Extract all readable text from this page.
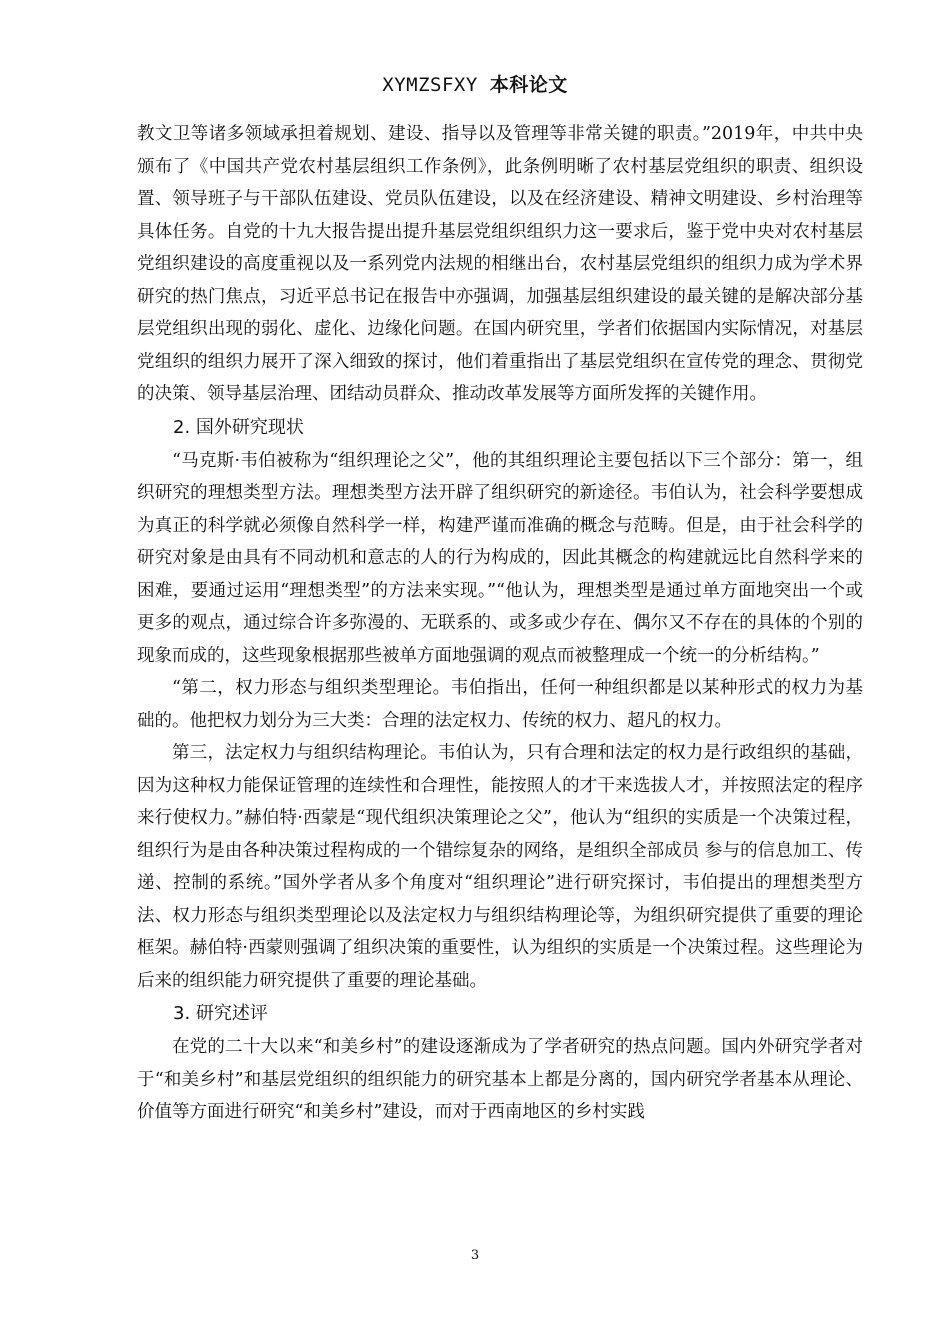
XYMZSFXY 本科论文

教文卫等诸多领域承担着规划、建设、指导以及管理等非常关键的职责。”2019年，中共中央颁布了《中国共产党农村基层组织工作条例》，此条例明晰了农村基层党组织的职责、组织设置、领导班子与干部队伍建设、党员队伍建设，以及在经济建设、精神文明建设、乡村治理等具体任务。自党的十九大报告提出提升基层党组织组织力这一要求后，鉴于党中央对农村基层党组织建设的高度重视以及一系列党内法规的相继出台，农村基层党组织的组织力成为学术界研究的热门焦点，习近平总书记在报告中亦强调，加强基层组织建设的最关键的是解决部分基层党组织出现的弱化、虚化、边缘化问题。在国内研究里，学者们依据国内实际情况，对基层党组织的组织力展开了深入细致的探讨，他们着重指出了基层党组织在宣传党的理念、贯彻党的决策、领导基层治理、团结动员群众、推动改革发展等方面所发挥的关键作用。

2. 国外研究现状

“马克斯·韦伯被称为“组织理论之父”，他的其组织理论主要包括以下三个部分：第一，组织研究的理想类型方法。理想类型方法开辟了组织研究的新途径。韦伯认为，社会科学要想成为真正的科学就必须像自然科学一样，构建严谨而准确的概念与范畴。但是，由于社会科学的研究对象是由具有不同动机和意志的人的行为构成的，因此其概念的构建就远比自然科学来的困难，要通过运用“理想类型”的方法来实现。”“他认为，理想类型是通过单方面地突出一个或更多的观点，通过综合许多弥漫的、无联系的、或多或少存在、偶尔又不存在的具体的个别的现象而成的，这些现象根据那些被单方面地强调的观点而被整理成一个统一的分析结构。”

“第二，权力形态与组织类型理论。韦伯指出，任何一种组织都是以某种形式的权力为基础的。他把权力划分为三大类：合理的法定权力、传统的权力、超凡的权力。

第三，法定权力与组织结构理论。韦伯认为，只有合理和法定的权力是行政组织的基础，因为这种权力能保证管理的连续性和合理性，能按照人的才干来选拔人才，并按照法定的程序来行使权力。”赫伯特·西蒙是“现代组织决策理论之父”，他认为“组织的实质是一个决策过程，组织行为是由各种决策过程构成的一个错综复杂的网络，是组织全部成员 参与的信息加工、传递、控制的系统。”国外学者从多个角度对“组织理论”进行研究探讨，韦伯提出的理想类型方法、权力形态与组织类型理论以及法定权力与组织结构理论等，为组织研究提供了重要的理论框架。赫伯特·西蒙则强调了组织决策的重要性，认为组织的实质是一个决策过程。这些理论为后来的组织能力研究提供了重要的理论基础。

3. 研究述评

在党的二十大以来“和美乡村”的建设逐渐成为了学者研究的热点问题。国内外研究学者对于“和美乡村”和基层党组织的组织能力的研究基本上都是分离的，国内研究学者基本从理论、价值等方面进行研究“和美乡村”建设，而对于西南地区的乡村实践

3
